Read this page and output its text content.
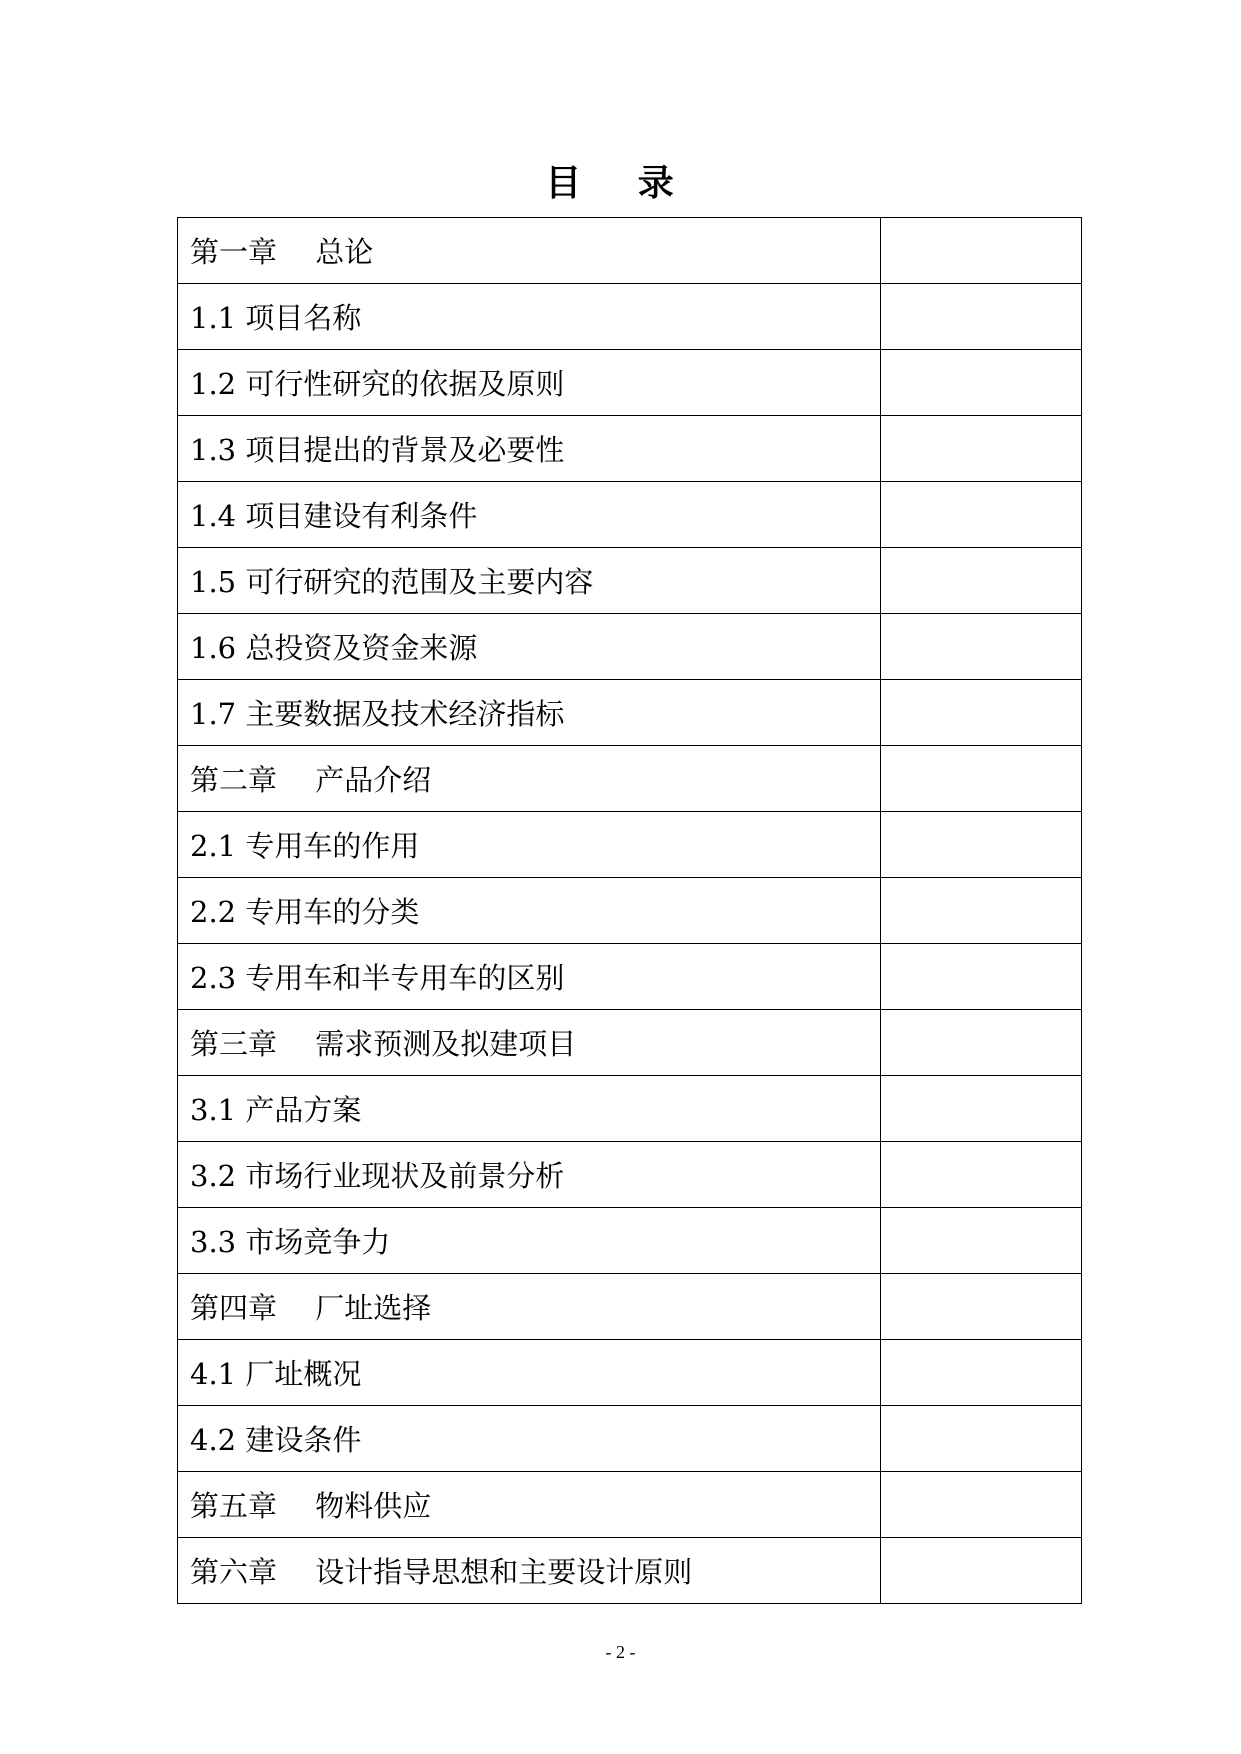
目 录
第一章　 总论	
1.1 项目名称	
1.2 可行性研究的依据及原则	
1.3 项目提出的背景及必要性	
1.4 项目建设有利条件	
1.5 可行研究的范围及主要内容	
1.6 总投资及资金来源	
1.7 主要数据及技术经济指标	
第二章　 产品介绍	
2.1 专用车的作用	
2.2 专用车的分类	
2.3 专用车和半专用车的区别	
第三章　 需求预测及拟建项目	
3.1 产品方案	
3.2 市场行业现状及前景分析	
3.3 市场竞争力	
第四章　 厂址选择	
4.1 厂址概况	
4.2 建设条件	
第五章　 物料供应	
第六章　 设计指导思想和主要设计原则	
- 2 -
